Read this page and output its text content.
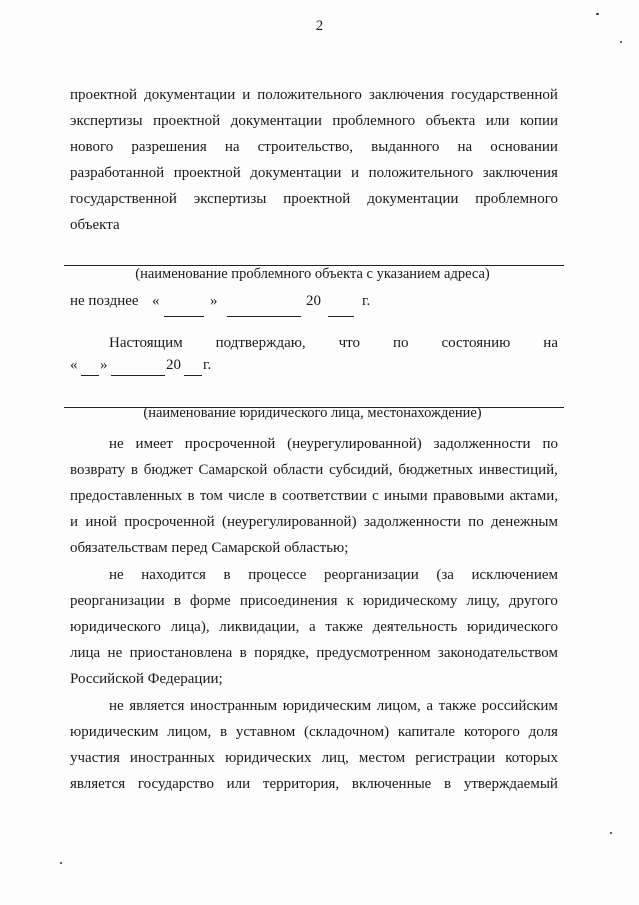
2
проектной документации и положительного заключения государственной
экспертизы проектной документации проблемного объекта или копии
нового разрешения на строительство, выданного на основании
разработанной проектной документации и положительного заключения
государственной экспертизы проектной документации проблемного
объекта
(наименование проблемного объекта с указанием адреса)
не позднее «	»	20	г.
Настоящим подтверждаю, что по состоянию на
« »	20 г.
(наименование юридического лица, местонахождение)
не имеет просроченной (неурегулированной) задолженности по
возврату в бюджет Самарской области субсидий, бюджетных инвестиций,
предоставленных в том числе в соответствии с иными правовыми актами,
и иной просроченной (неурегулированной) задолженности по денежным
обязательствам перед Самарской областью;
не находится в процессе реорганизации (за исключением
реорганизации в форме присоединения к юридическому лицу, другого
юридического лица), ликвидации, а также деятельность юридического
лица не приостановлена в порядке, предусмотренном законодательством
Российской Федерации;
не является иностранным юридическим лицом, а также российским
юридическим лицом, в уставном (складочном) капитале которого доля
участия иностранных юридических лиц, местом регистрации которых
является государство или территория, включенные в утверждаемый
